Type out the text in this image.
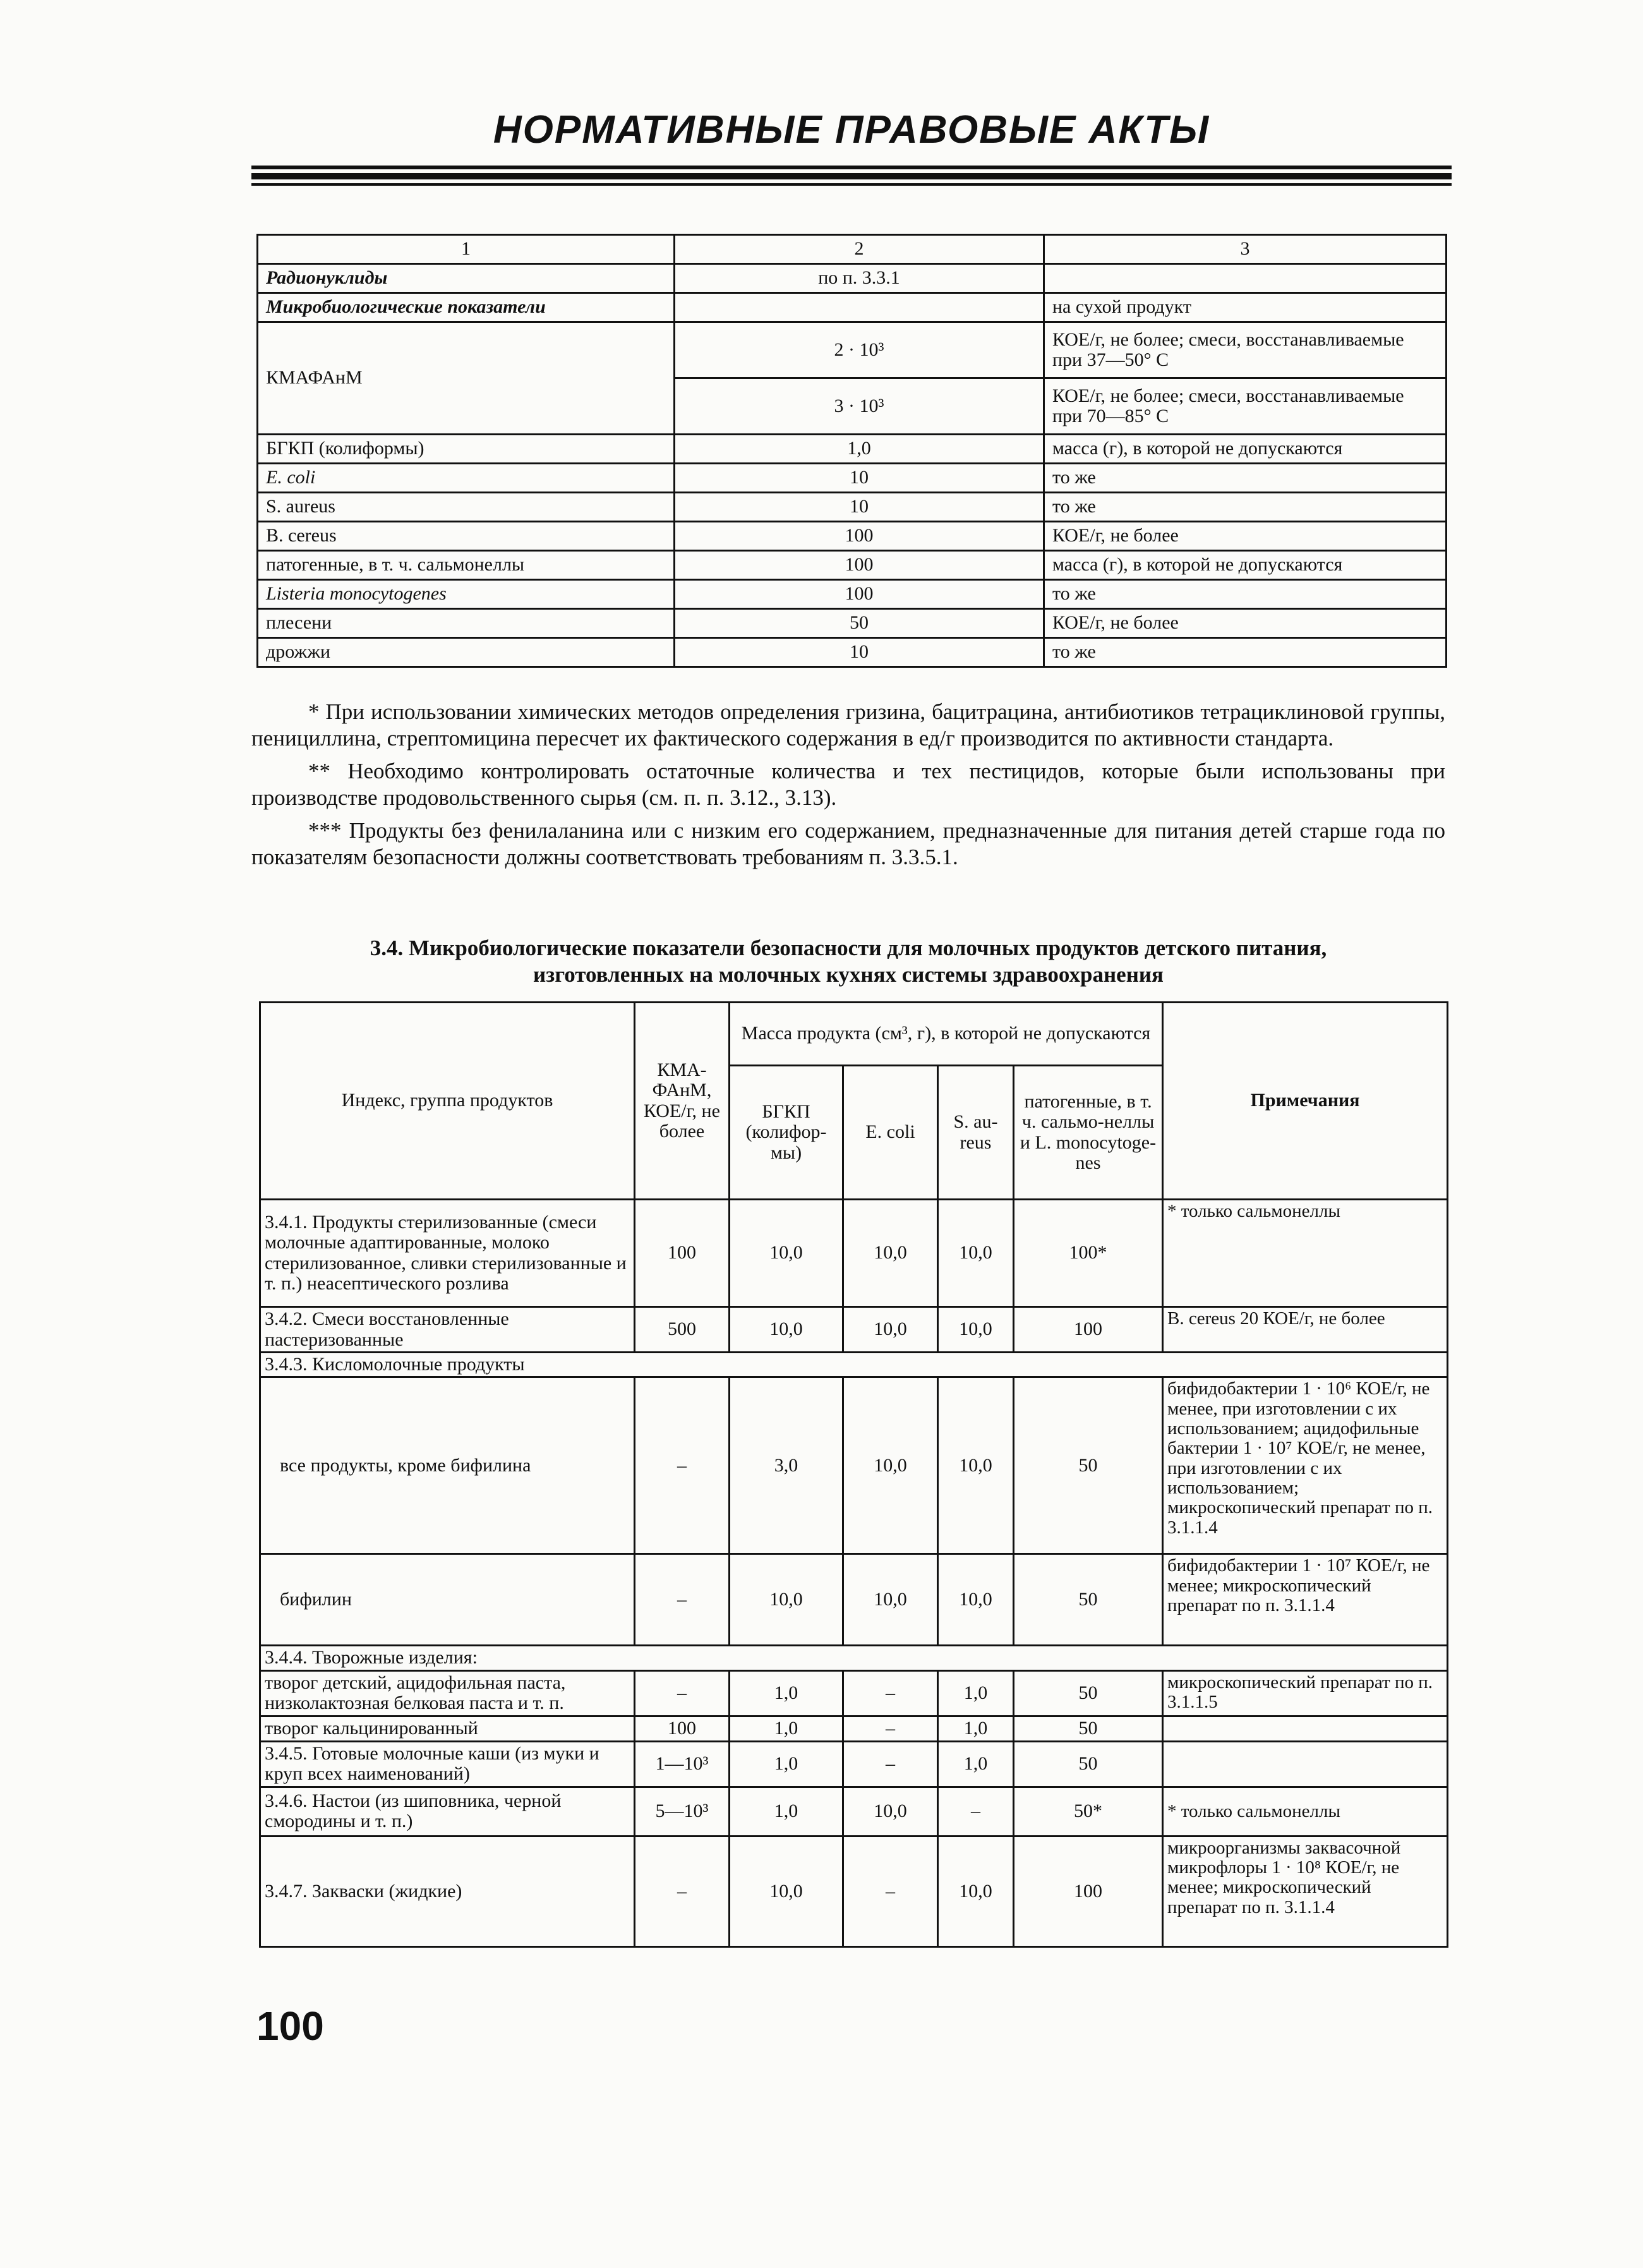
НОРМАТИВНЫЕ ПРАВОВЫЕ АКТЫ
1	2	3
Радионуклиды	по п. 3.3.1	
Микробиологические показатели		на сухой продукт
КМАФАнМ	2 · 10³	КОЕ/г, не более; смеси, восстанавливаемые при 37—50° С
	3 · 10³	КОЕ/г, не более; смеси, восстанавливаемые при 70—85° С
БГКП (колиформы)	1,0	масса (г), в которой не допускаются
E. coli	10	то же
S. aureus	10	то же
B. cereus	100	КОЕ/г, не более
патогенные, в т. ч. сальмонеллы	100	масса (г), в которой не допускаются
Listeria monocytogenes	100	то же
плесени	50	КОЕ/г, не более
дрожжи	10	то же

* При использовании химических методов определения гризина, бацитрацина, антибиотиков тетрациклиновой группы, пенициллина, стрептомицина пересчет их фактического содержания в ед/г производится по активности стандарта.

** Необходимо контролировать остаточные количества и тех пестицидов, которые были использованы при производстве продовольственного сырья (см. п. п. 3.12., 3.13).

*** Продукты без фенилаланина или с низким его содержанием, предназначенные для питания детей старше года по показателям безопасности должны соответствовать требованиям п. 3.3.5.1.

3.4. Микробиологические показатели безопасности для молочных продуктов детского питания,
изготовленных на молочных кухнях системы здравоохранения
Индекс, группа продуктов	КМА-ФАнМ, КОЕ/г, не более	Масса продукта (см³, г), в которой не допускаются				Примечания
		БГКП (колифор-мы)	E. coli	S. au-reus	патогенные, в т. ч. сальмо-неллы и L. monocytoge-nes	
3.4.1. Продукты стерилизованные (смеси молочные адаптированные, молоко стерилизованное, сливки стерилизованные и т. п.) неасептического розлива	100	10,0	10,0	10,0	100*	* только сальмонеллы
3.4.2. Смеси восстановленные пастеризованные	500	10,0	10,0	10,0	100	B. cereus 20 КОЕ/г, не более
3.4.3. Кисломолочные продукты						
все продукты, кроме бифилина	–	3,0	10,0	10,0	50	бифидобактерии 1 · 10⁶ КОЕ/г, не менее, при изготовлении с их использованием; ацидофильные бактерии 1 · 10⁷ КОЕ/г, не менее, при изготовлении с их использованием; микроскопический препарат по п. 3.1.1.4
бифилин	–	10,0	10,0	10,0	50	бифидобактерии 1 · 10⁷ КОЕ/г, не менее; микроскопический препарат по п. 3.1.1.4
3.4.4. Творожные изделия:						
творог детский, ацидофильная паста, низколактозная белковая паста и т. п.	–	1,0	–	1,0	50	микроскопический препарат по п. 3.1.1.5
творог кальцинированный	100	1,0	–	1,0	50	
3.4.5. Готовые молочные каши (из муки и круп всех наименований)	1—10³	1,0	–	1,0	50	
3.4.6. Настои (из шиповника, черной смородины и т. п.)	5—10³	1,0	10,0	–	50*	* только сальмонеллы
3.4.7. Закваски (жидкие)	–	10,0	–	10,0	100	микроорганизмы заквасочной микрофлоры 1 · 10⁸ КОЕ/г, не менее; микроскопический препарат по п. 3.1.1.4
100
